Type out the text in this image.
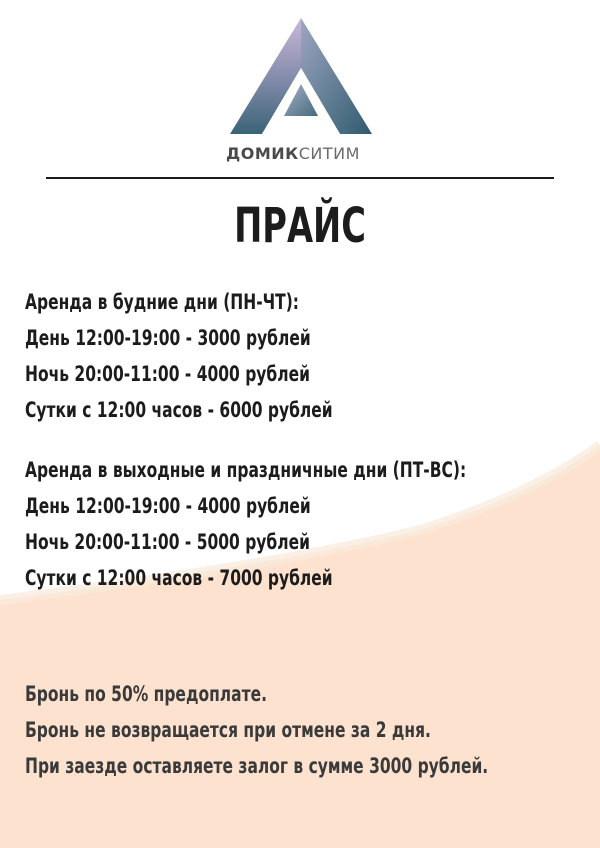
ДОМИКСИТИМ
ПРАЙС
Аренда в будние дни (ПН-ЧТ):
День 12:00-19:00 - 3000 рублей
Ночь 20:00-11:00 - 4000 рублей
Сутки с 12:00 часов - 6000 рублей
Аренда в выходные и праздничные дни (ПТ-ВС):
День 12:00-19:00 - 4000 рублей
Ночь 20:00-11:00 - 5000 рублей
Сутки с 12:00 часов - 7000 рублей
Бронь по 50% предоплате.
Бронь не возвращается при отмене за 2 дня.
При заезде оставляете залог в сумме 3000 рублей.
